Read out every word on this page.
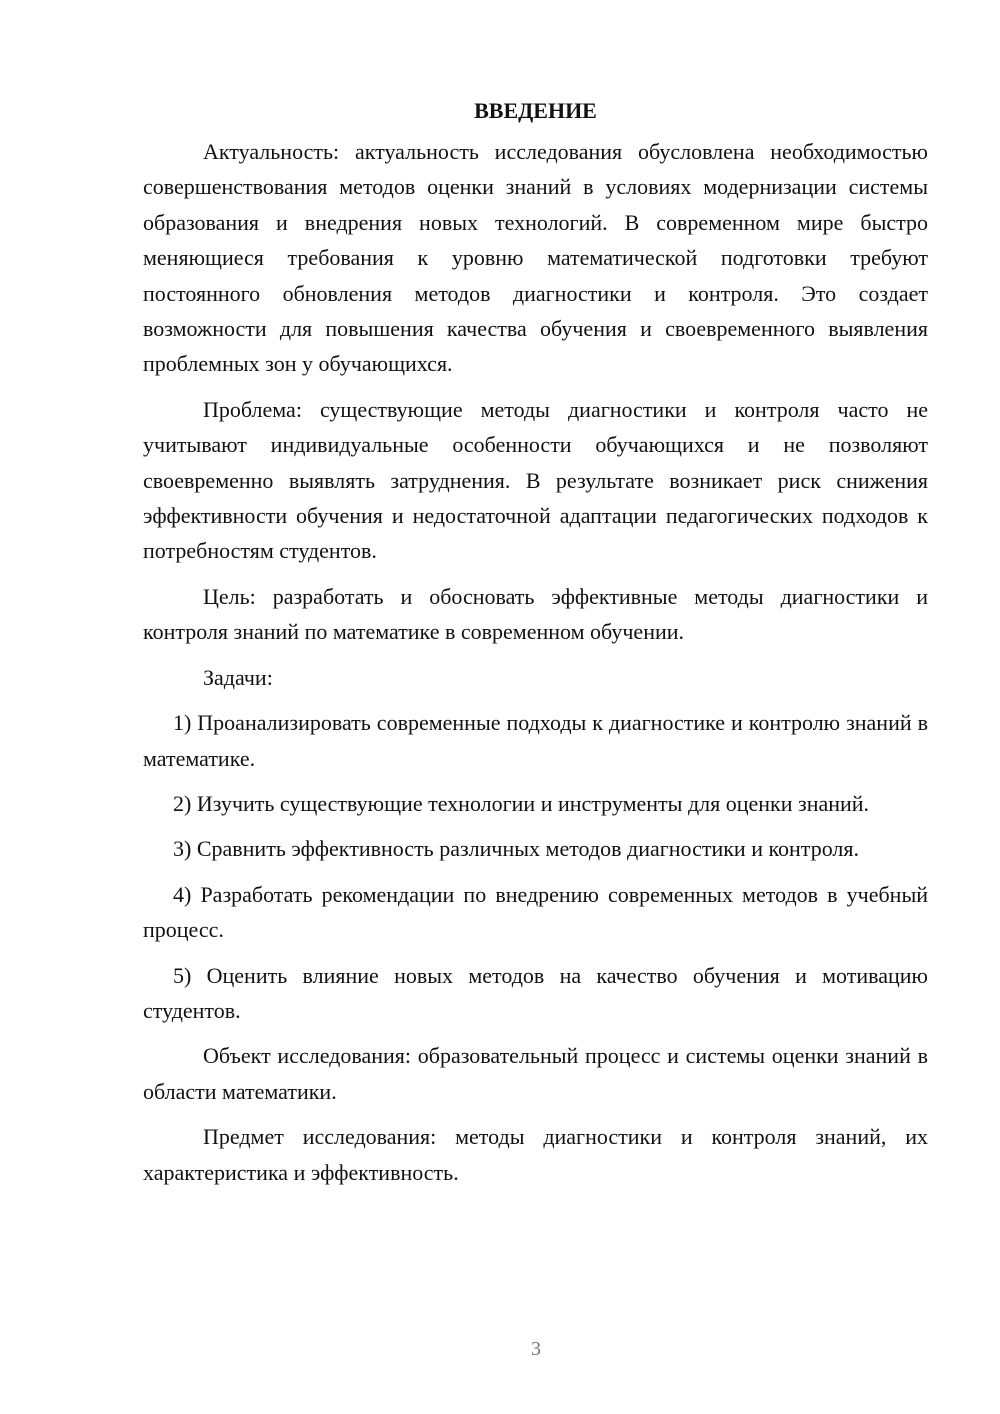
ВВЕДЕНИЕ

Актуальность: актуальность исследования обусловлена необходимостью совершенствования методов оценки знаний в условиях модернизации системы образования и внедрения новых технологий. В современном мире быстро меняющиеся требования к уровню математической подготовки требуют постоянного обновления методов диагностики и контроля. Это создает возможности для повышения качества обучения и своевременного выявления проблемных зон у обучающихся.

Проблема: существующие методы диагностики и контроля часто не учитывают индивидуальные особенности обучающихся и не позволяют своевременно выявлять затруднения. В результате возникает риск снижения эффективности обучения и недостаточной адаптации педагогических подходов к потребностям студентов.

Цель: разработать и обосновать эффективные методы диагностики и контроля знаний по математике в современном обучении.

Задачи:

1) Проанализировать современные подходы к диагностике и контролю знаний в математике.

2) Изучить существующие технологии и инструменты для оценки знаний.

3) Сравнить эффективность различных методов диагностики и контроля.

4) Разработать рекомендации по внедрению современных методов в учебный процесс.

5) Оценить влияние новых методов на качество обучения и мотивацию студентов.

Объект исследования: образовательный процесс и системы оценки знаний в области математики.

Предмет исследования: методы диагностики и контроля знаний, их характеристика и эффективность.

3
